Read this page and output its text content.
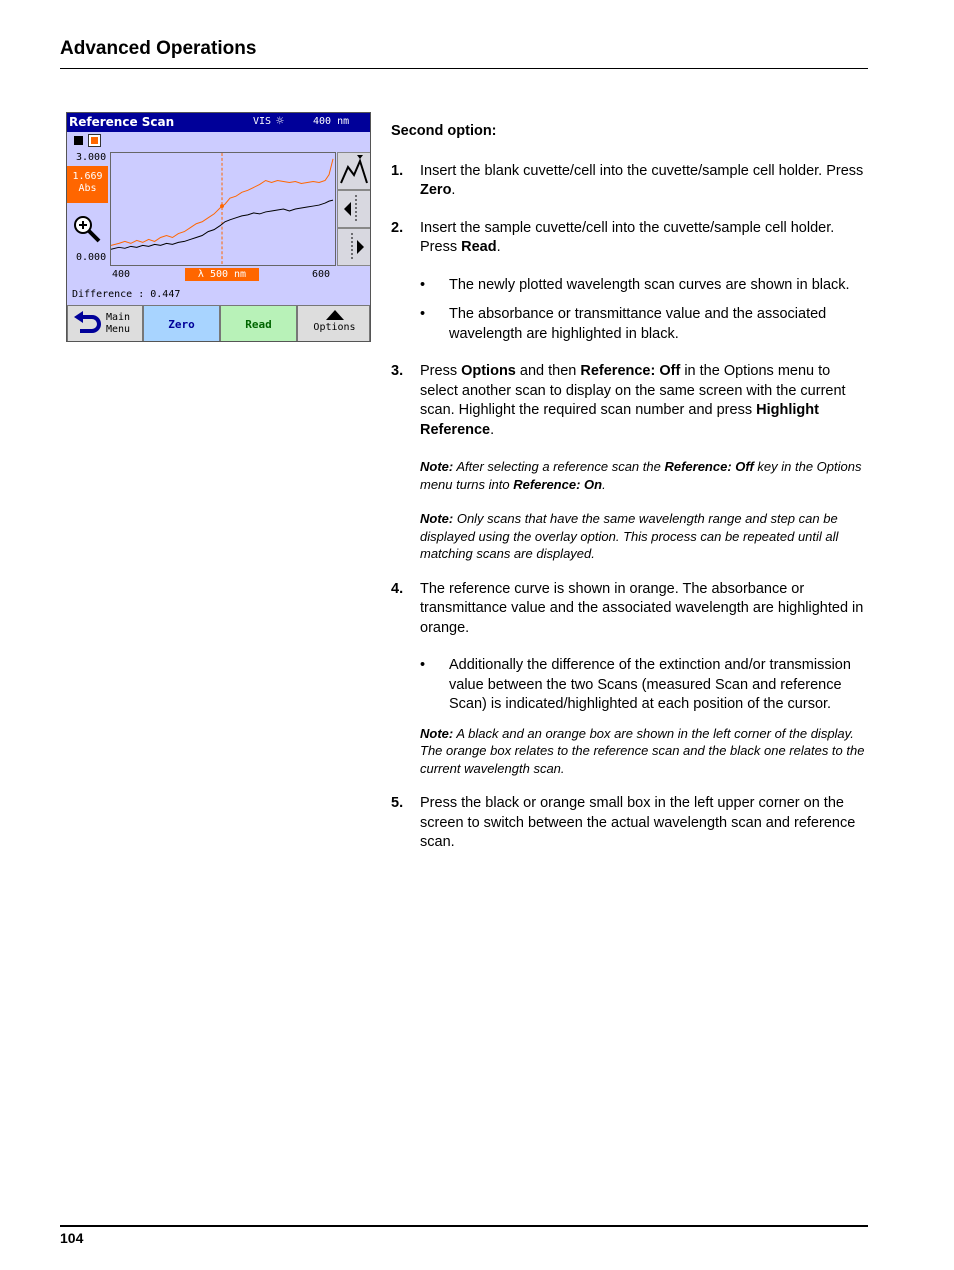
Advanced Operations
Reference Scan	VIS ☼	400 nm
3.000
1.669
Abs
0.000
400	λ 500 nm	600
Difference : 0.447
Main
Menu	Zero	Read	Options
Second option:
1. Insert the blank cuvette/cell into the cuvette/sample cell holder. Press Zero.
2. Insert the sample cuvette/cell into the cuvette/sample cell holder. Press Read.
• The newly plotted wavelength scan curves are shown in black.
• The absorbance or transmittance value and the associated wavelength are highlighted in black.
3. Press Options and then Reference: Off in the Options menu to select another scan to display on the same screen with the current scan. Highlight the required scan number and press Highlight Reference.
Note: After selecting a reference scan the Reference: Off key in the Options menu turns into Reference: On.
Note: Only scans that have the same wavelength range and step can be displayed using the overlay option. This process can be repeated until all matching scans are displayed.
4. The reference curve is shown in orange. The absorbance or transmittance value and the associated wavelength are highlighted in orange.
• Additionally the difference of the extinction and/or transmission value between the two Scans (measured Scan and reference Scan) is indicated/highlighted at each position of the cursor.
Note: A black and an orange box are shown in the left corner of the display. The orange box relates to the reference scan and the black one relates to the current wavelength scan.
5. Press the black or orange small box in the left upper corner on the screen to switch between the actual wavelength scan and reference scan.
104
